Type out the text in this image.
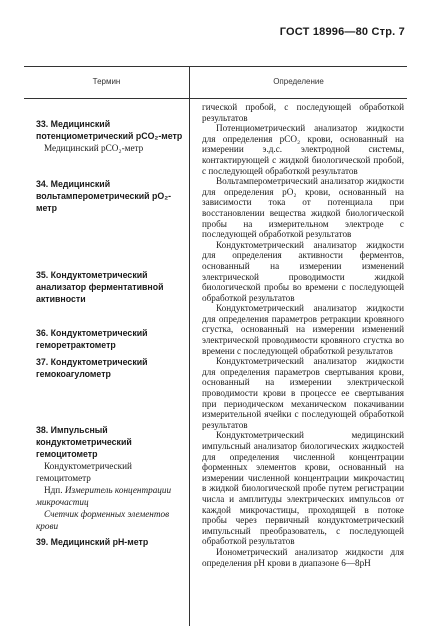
ГОСТ 18996—80 Стр. 7
Термин	Определение
33. Медицинский потенциометрический pCO₂-метр
Медицинский pCO₂-метр
34. Медицинский вольтамперометрический pO₂-метр
35. Кондуктометрический анализатор ферментативной активности
36. Кондуктометрический геморетрактометр
37. Кондуктометрический гемокоагулометр
38. Импульсный кондуктометрический гемоцитометр
Кондуктометрический гемоцитометр
Ндп. Измеритель концентрации микрочастиц
Счетчик форменных элементов крови
39. Медицинский рН-метр

гической пробой, с последующей обработкой результатов

Потенциометрический анализатор жидкости для определения pCO₂ крови, основанный на измерении э.д.с. электродной системы, контактирующей с жидкой биологической пробой, с последующей обработкой результатов

Вольтамперометрический анализатор жидкости для определения pO₂ крови, основанный на зависимости тока от потенциала при восстановлении вещества жидкой биологической пробы на измерительном электроде с последующей обработкой результатов

Кондуктометрический анализатор жидкости для определения активности ферментов, основанный на измерении изменений электрической проводимости жидкой биологической пробы во времени с последующей обработкой результатов

Кондуктометрический анализатор жидкости для определения параметров ретракции кровяного сгустка, основанный на измерении изменений электрической проводимости кровяного сгустка во времени с последующей обработкой результатов

Кондуктометрический анализатор жидкости для определения параметров свертывания крови, основанный на измерении электрической проводимости крови в процессе ее свертывания при периодическом механическом покачивании измерительной ячейки с последующей обработкой результатов

Кондуктометрический медицинский импульсный анализатор биологических жидкостей для определения численной концентрации форменных элементов крови, основанный на измерении численной концентрации микрочастиц в жидкой биологической пробе путем регистрации числа и амплитуды электрических импульсов от каждой микрочастицы, проходящей в потоке пробы через первичный кондуктометрический импульсный преобразователь, с последующей обработкой результатов

Ионометрический анализатор жидкости для определения рН крови в диапазоне 6—8рН
